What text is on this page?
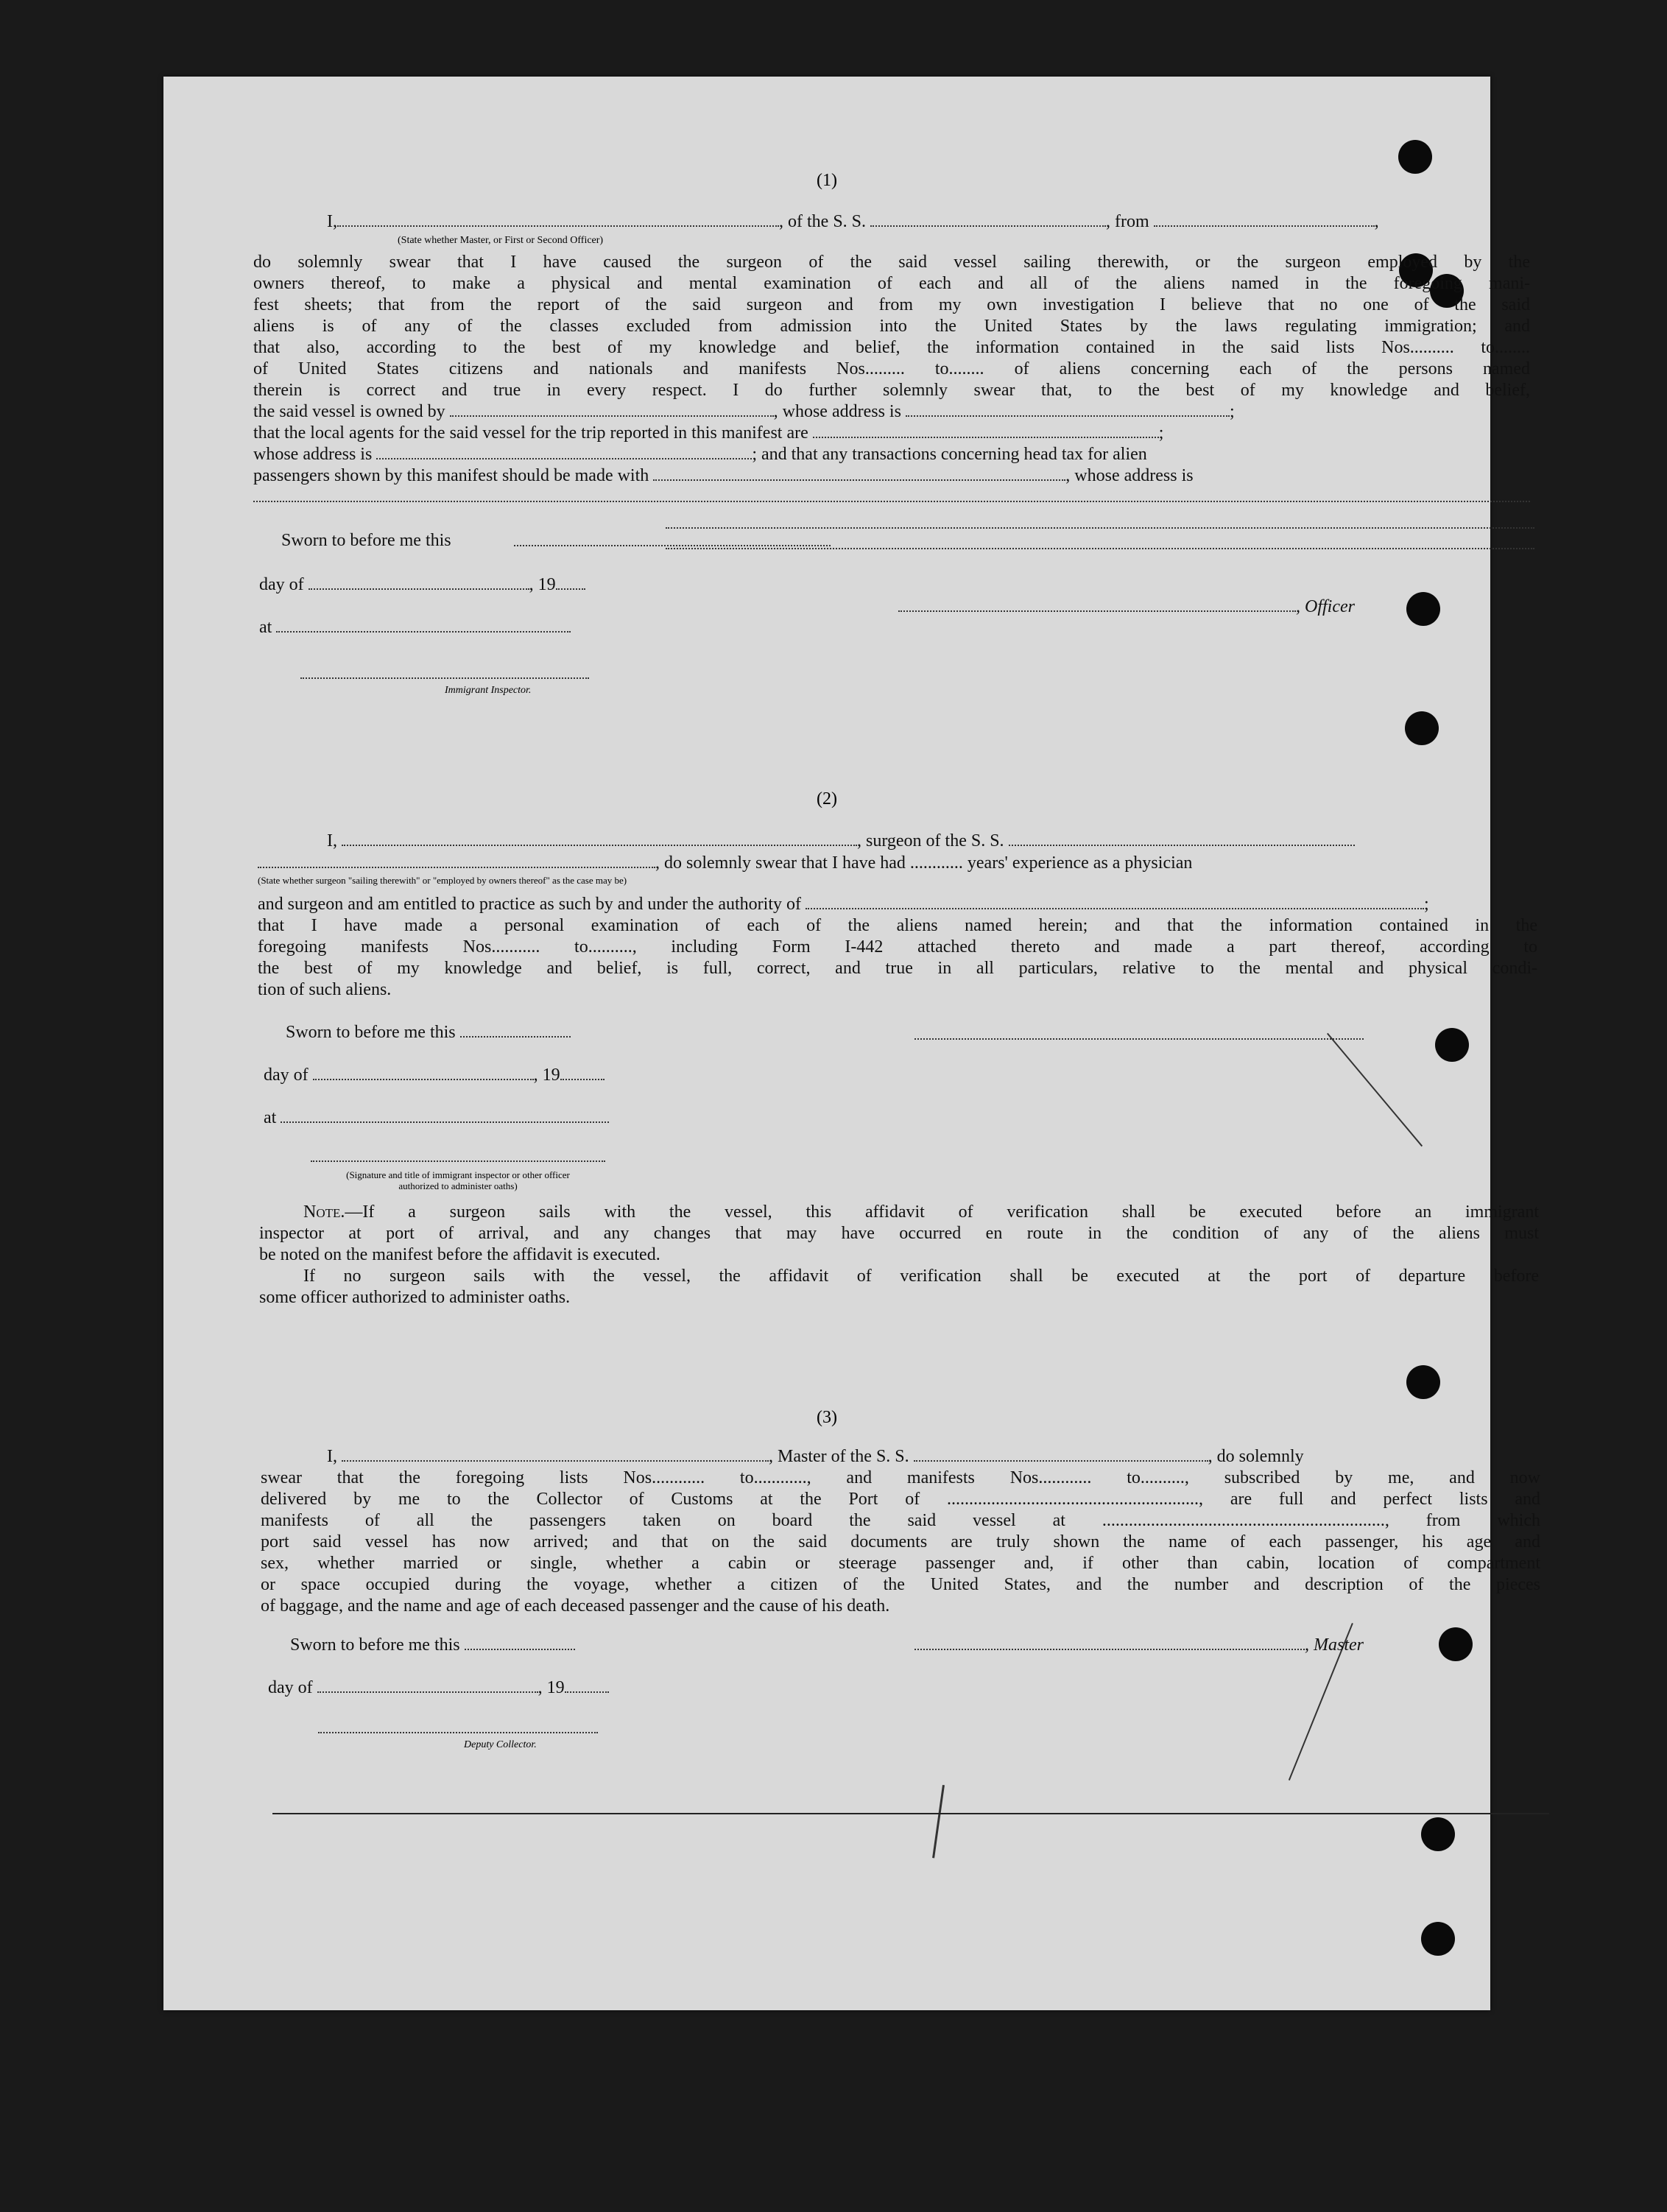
(1)
I,	, of the S. S.	, from	,
(State whether Master, or First or Second Officer)
do solemnly swear that I have caused the surgeon of the said vessel sailing therewith, or the surgeon employed by the
owners thereof, to make a physical and mental examination of each and all of the aliens named in the foregoing mani-
fest sheets; that from the report of the said surgeon and from my own investigation I believe that no one of the said
aliens is of any of the classes excluded from admission into the United States by the laws regulating immigration; and
that also, according to the best of my knowledge and belief, the information contained in the said lists Nos.......... to........
of United States citizens and nationals and manifests Nos......... to........ of aliens concerning each of the persons named
therein is correct and true in every respect. I do further solemnly swear that, to the best of my knowledge and belief,
the said vessel is owned by	, whose address is	;
that the local agents for the said vessel for the trip reported in this manifest are	;
whose address is	; and that any transactions concerning head tax for alien
passengers shown by this manifest should be made with	, whose address is
Sworn to before me this
day of	, 19
at
, Officer
Immigrant Inspector.
(2)
I,	, surgeon of the S. S.
, do solemnly swear that I have had ............ years' experience as a physician
(State whether surgeon "sailing therewith" or "employed by owners thereof" as the case may be)
and surgeon and am entitled to practice as such by and under the authority of	;
that I have made a personal examination of each of the aliens named herein; and that the information contained in the
foregoing manifests Nos........... to.........., including Form I-442 attached thereto and made a part thereof, according to
the best of my knowledge and belief, is full, correct, and true in all particulars, relative to the mental and physical condi-
tion of such aliens.
Sworn to before me this
day of	, 19
at
(Signature and title of immigrant inspector or other officer authorized to administer oaths)
Note.—If a surgeon sails with the vessel, this affidavit of verification shall be executed before an immigrant
inspector at port of arrival, and any changes that may have occurred en route in the condition of any of the aliens must
be noted on the manifest before the affidavit is executed.
If no surgeon sails with the vessel, the affidavit of verification shall be executed at the port of departure before
some officer authorized to administer oaths.
(3)
I,	, Master of the S. S.	, do solemnly
swear that the foregoing lists Nos............ to............, and manifests Nos............ to.........., subscribed by me, and now
delivered by me to the Collector of Customs at the Port of ........................................................., are full and perfect lists and
manifests of all the passengers taken on board the said vessel at ................................................................, from which
port said vessel has now arrived; and that on the said documents are truly shown the name of each passenger, his age and
sex, whether married or single, whether a cabin or steerage passenger and, if other than cabin, location of compartment
or space occupied during the voyage, whether a citizen of the United States, and the number and description of the pieces
of baggage, and the name and age of each deceased passenger and the cause of his death.
Sworn to before me this	, Master
day of	, 19
Deputy Collector.
